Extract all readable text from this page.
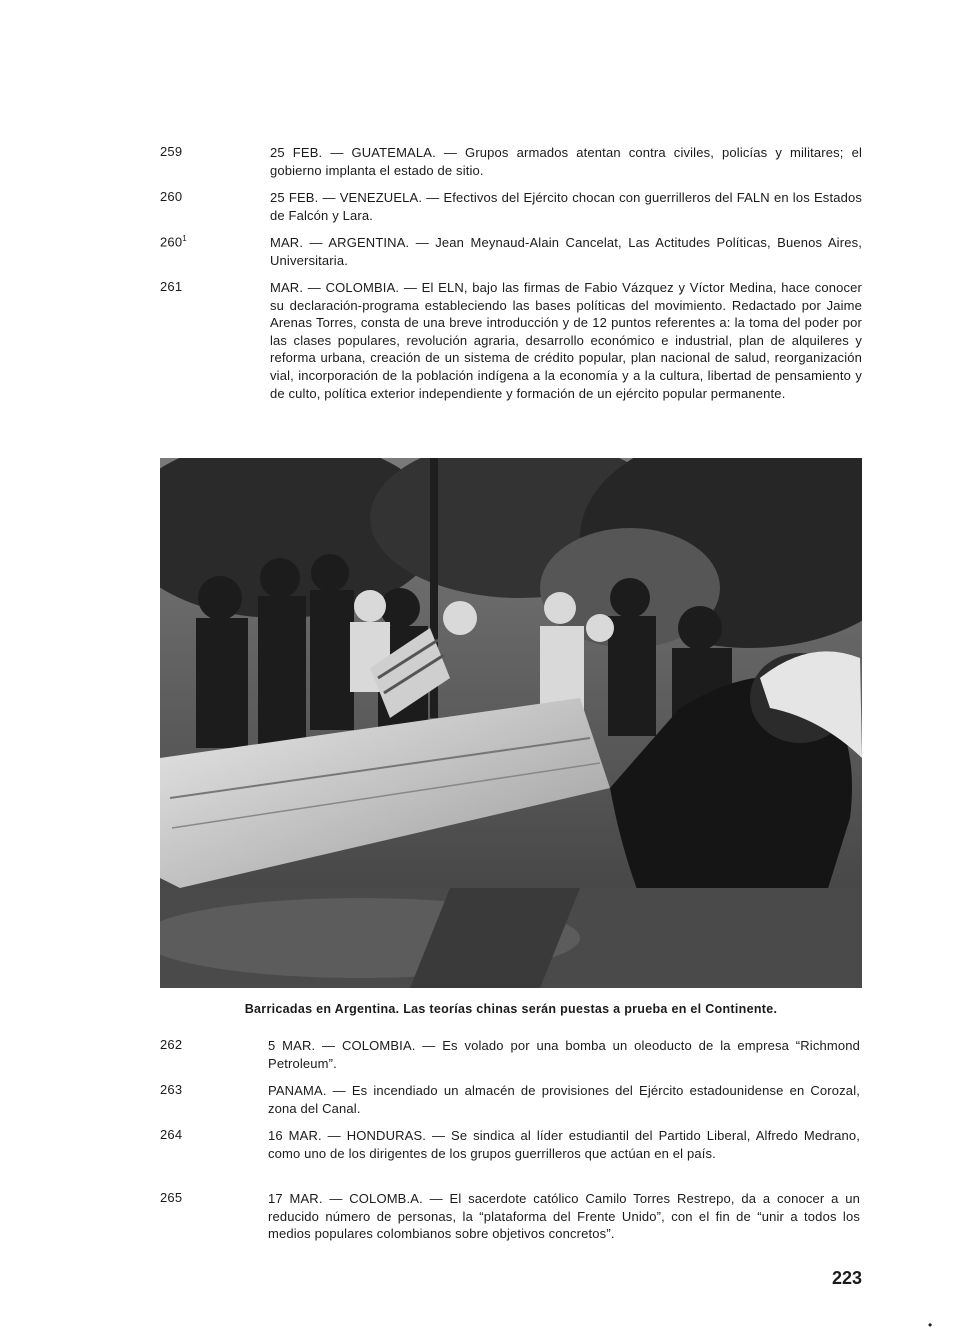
259	25 FEB. — GUATEMALA. — Grupos armados atentan contra civiles, policías y militares; el gobierno implanta el estado de sitio.
260	25 FEB. — VENEZUELA. — Efectivos del Ejército chocan con guerrilleros del FALN en los Estados de Falcón y Lara.
$260^1$	MAR. — ARGENTINA. — Jean Meynaud-Alain Cancelat, Las Actitudes Políticas, Buenos Aires, Universitaria.
261	MAR. — COLOMBIA. — El ELN, bajo las firmas de Fabio Vázquez y Víctor Medina, hace conocer su declaración-programa estableciendo las bases políticas del movimiento. Redactado por Jaime Arenas Torres, consta de una breve introducción y de 12 puntos referentes a: la toma del poder por las clases populares, revolución agraria, desarrollo económico e industrial, plan de alquileres y reforma urbana, creación de un sistema de crédito popular, plan nacional de salud, reorganización vial, incorporación de la población indígena a la economía y a la cultura, libertad de pensamiento y de culto, política exterior independiente y formación de un ejército popular permanente.
Barricadas en Argentina. Las teorías chinas serán puestas a prueba en el Continente.
262	5 MAR. — COLOMBIA. — Es volado por una bomba un oleoducto de la empresa “Richmond Petroleum”.
263	PANAMA. — Es incendiado un almacén de provisiones del Ejército estadounidense en Corozal, zona del Canal.
264	16 MAR. — HONDURAS. — Se sindica al líder estudiantil del Partido Liberal, Alfredo Medrano, como uno de los dirigentes de los grupos guerrilleros que actúan en el país.
265	17 MAR. — COLOMB.A. — El sacerdote católico Camilo Torres Restrepo, da a conocer a un reducido número de personas, la “plataforma del Frente Unido”, con el fin de “unir a todos los medios populares colombianos sobre objetivos concretos”.
223
•
